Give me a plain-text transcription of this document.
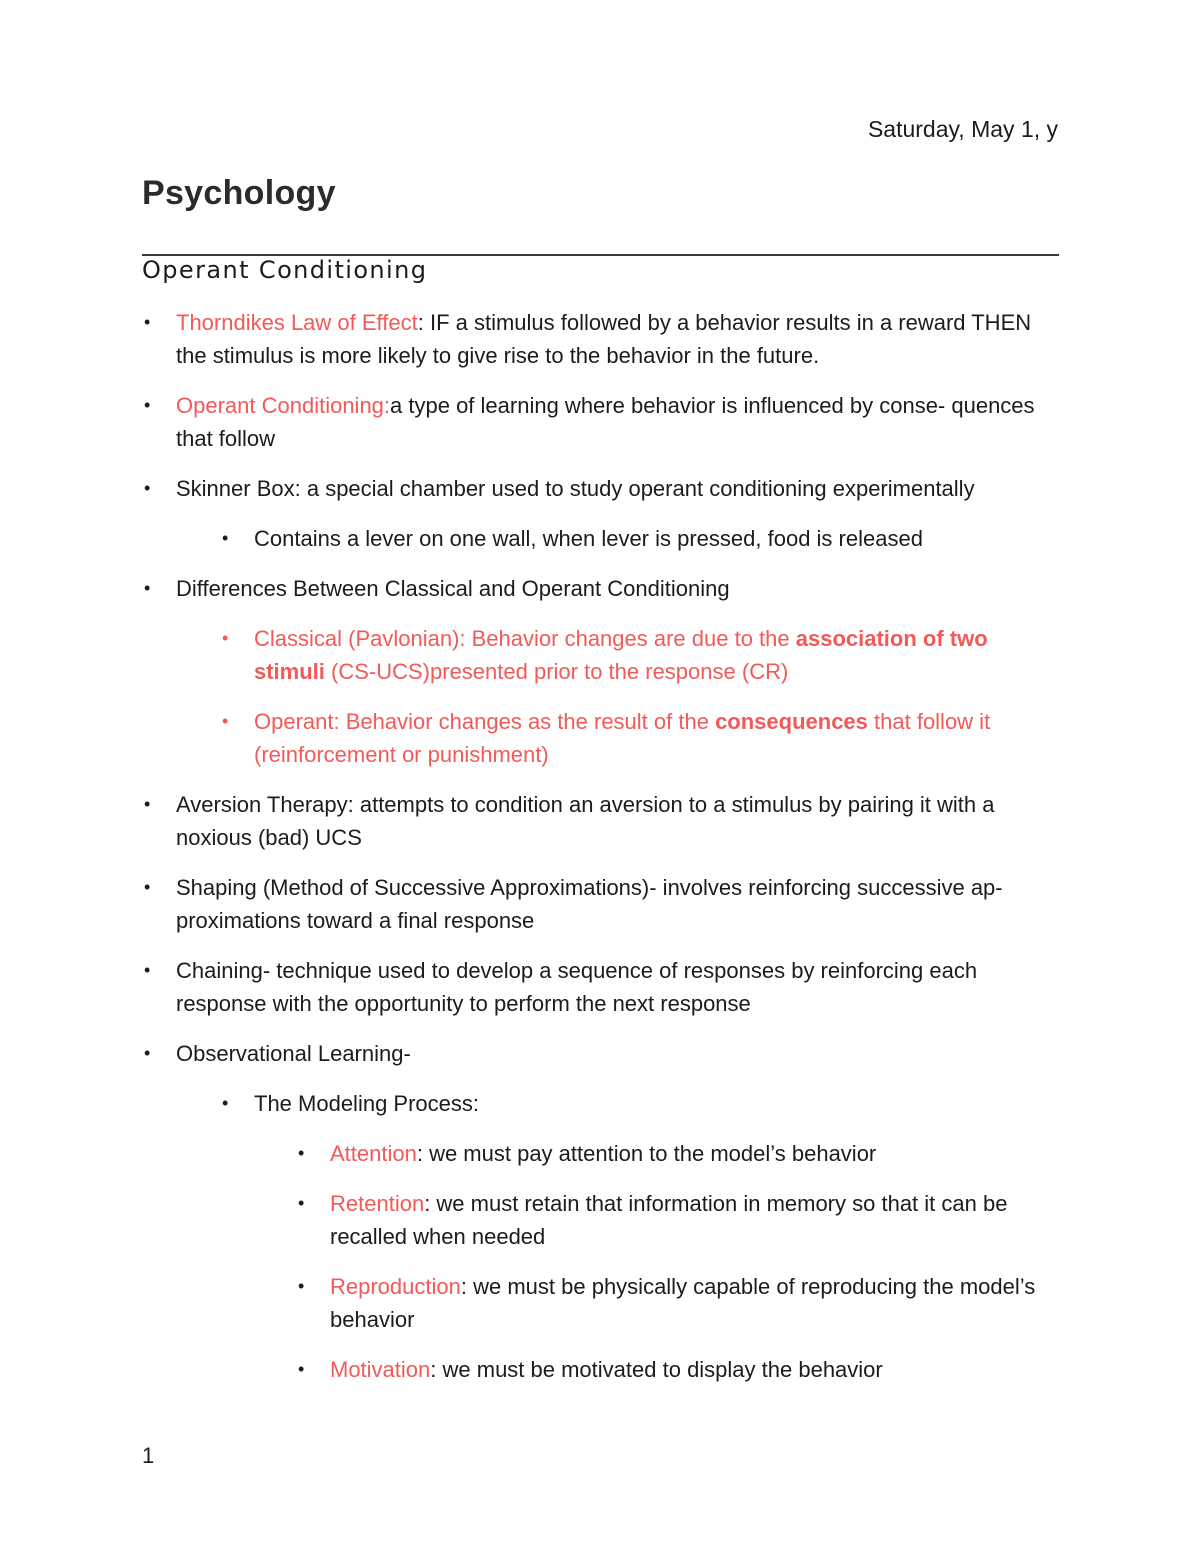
Saturday, May 1, y
Psychology
Operant Conditioning
• Thorndikes Law of Effect: IF a stimulus followed by a behavior results in a reward THEN the stimulus is more likely to give rise to the behavior in the future.
• Operant Conditioning:a type of learning where behavior is influenced by conse- quences that follow
• Skinner Box: a special chamber used to study operant conditioning experimentally
• Contains a lever on one wall, when lever is pressed, food is released
• Differences Between Classical and Operant Conditioning
• Classical (Pavlonian): Behavior changes are due to the association of two stimuli (CS-UCS)presented prior to the response (CR)
• Operant: Behavior changes as the result of the consequences that follow it (reinforcement or punishment)
• Aversion Therapy: attempts to condition an aversion to a stimulus by pairing it with a noxious (bad) UCS
• Shaping (Method of Successive Approximations)- involves reinforcing successive ap- proximations toward a final response
• Chaining- technique used to develop a sequence of responses by reinforcing each response with the opportunity to perform the next response
• Observational Learning-
• The Modeling Process:
• Attention: we must pay attention to the model’s behavior
• Retention: we must retain that information in memory so that it can be recalled when needed
• Reproduction: we must be physically capable of reproducing the model’s behavior
• Motivation: we must be motivated to display the behavior
1
